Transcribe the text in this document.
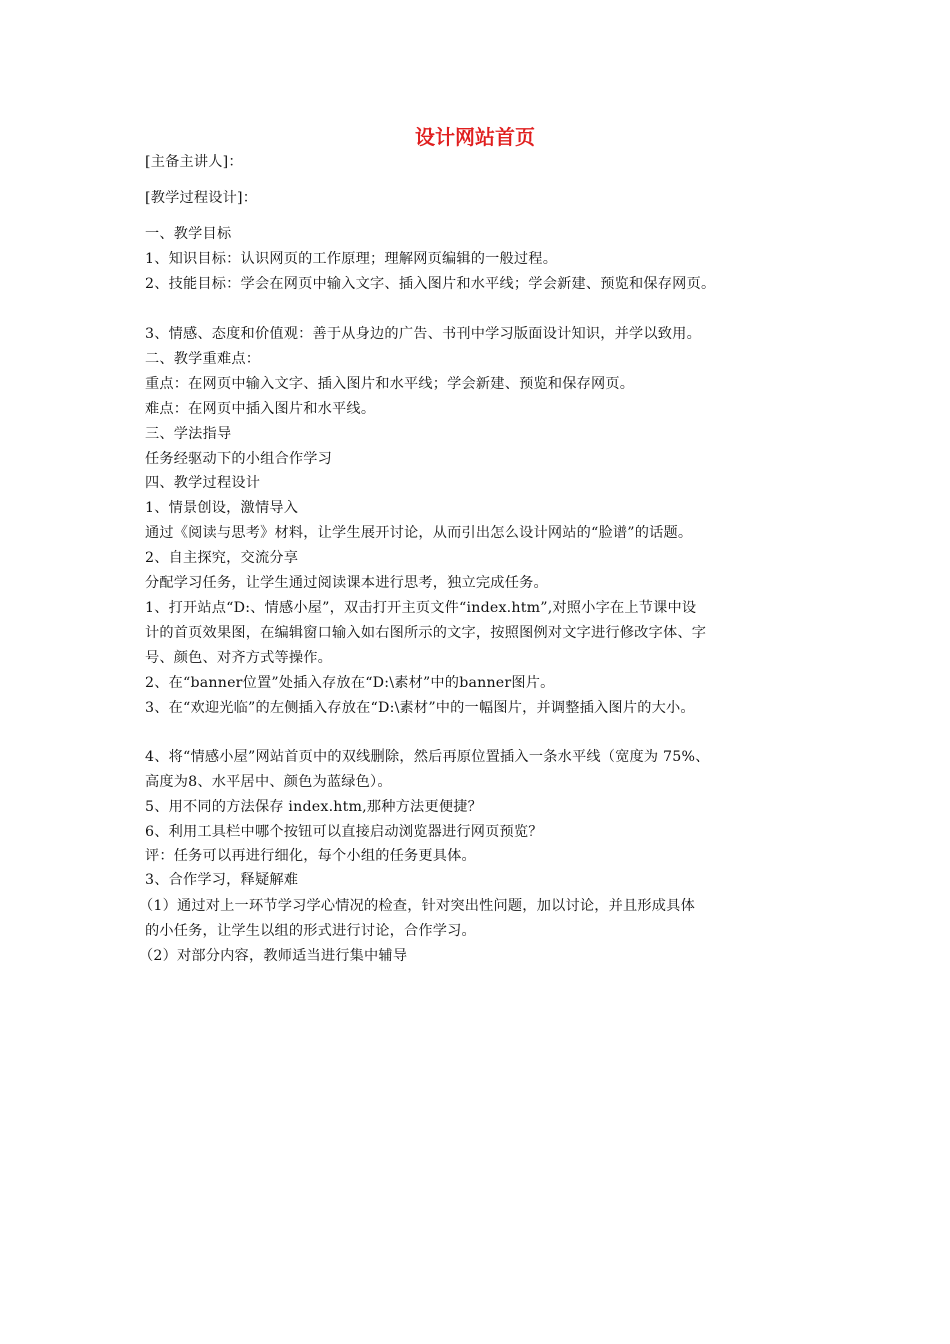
设计网站首页
[主备主讲人]：
[教学过程设计]：
一、教学目标
1、知识目标：认识网页的工作原理；理解网页编辑的一般过程。
2、技能目标：学会在网页中输入文字、插入图片和水平线；学会新建、预览和保存网页。
3、情感、态度和价值观：善于从身边的广告、书刊中学习版面设计知识，并学以致用。
二、教学重难点：
重点：在网页中输入文字、插入图片和水平线；学会新建、预览和保存网页。
难点：在网页中插入图片和水平线。
三、学法指导
任务经驱动下的小组合作学习
四、教学过程设计
1、情景创设，激情导入
通过《阅读与思考》材料，让学生展开讨论，从而引出怎么设计网站的“脸谱”的话题。
2、自主探究，交流分享
分配学习任务，让学生通过阅读课本进行思考，独立完成任务。
1、打开站点“D:、情感小屋”，双击打开主页文件“index.htm”,对照小字在上节课中设
计的首页效果图，在编辑窗口输入如右图所示的文字，按照图例对文字进行修改字体、字
号、颜色、对齐方式等操作。
2、在“banner位置”处插入存放在“D:\素材”中的banner图片。
3、在“欢迎光临”的左侧插入存放在“D:\素材”中的一幅图片，并调整插入图片的大小。
4、将“情感小屋”网站首页中的双线删除，然后再原位置插入一条水平线（宽度为 75%、
高度为8、水平居中、颜色为蓝绿色）。
5、用不同的方法保存 index.htm,那种方法更便捷？
6、利用工具栏中哪个按钮可以直接启动浏览器进行网页预览？
评：任务可以再进行细化，每个小组的任务更具体。
3、合作学习，释疑解难
（1）通过对上一环节学习学心情况的检查，针对突出性问题，加以讨论，并且形成具体
的小任务，让学生以组的形式进行讨论，合作学习。
（2）对部分内容，教师适当进行集中辅导
